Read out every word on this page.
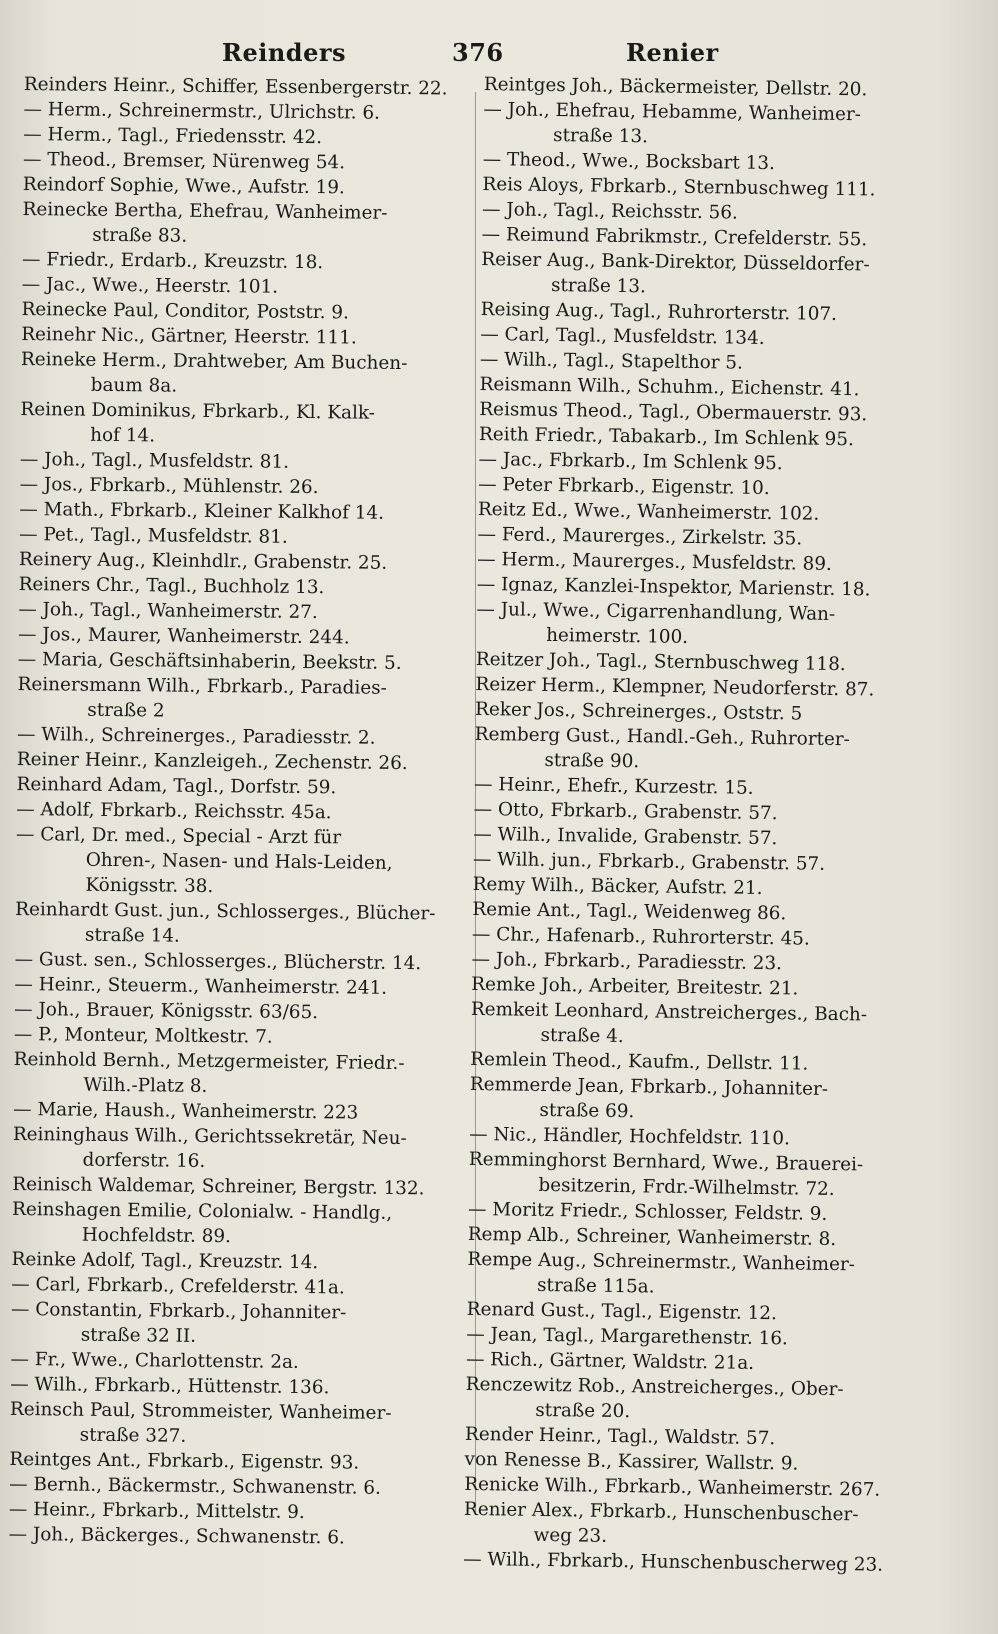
Reinders	376	Renier
Reinders Heinr., Schiffer, Essenbergerstr. 22.
— Herm., Schreinermstr., Ulrichstr. 6.
— Herm., Tagl., Friedensstr. 42.
— Theod., Bremser, Nürenweg 54.
Reindorf Sophie, Wwe., Aufstr. 19.
Reinecke Bertha, Ehefrau, Wanheimer-
straße 83.
— Friedr., Erdarb., Kreuzstr. 18.
— Jac., Wwe., Heerstr. 101.
Reinecke Paul, Conditor, Poststr. 9.
Reinehr Nic., Gärtner, Heerstr. 111.
Reineke Herm., Drahtweber, Am Buchen-
baum 8a.
Reinen Dominikus, Fbrkarb., Kl. Kalk-
hof 14.
— Joh., Tagl., Musfeldstr. 81.
— Jos., Fbrkarb., Mühlenstr. 26.
— Math., Fbrkarb., Kleiner Kalkhof 14.
— Pet., Tagl., Musfeldstr. 81.
Reinery Aug., Kleinhdlr., Grabenstr. 25.
Reiners Chr., Tagl., Buchholz 13.
— Joh., Tagl., Wanheimerstr. 27.
— Jos., Maurer, Wanheimerstr. 244.
— Maria, Geschäftsinhaberin, Beekstr. 5.
Reinersmann Wilh., Fbrkarb., Paradies-
straße 2
— Wilh., Schreinerges., Paradiesstr. 2.
Reiner Heinr., Kanzleigeh., Zechenstr. 26.
Reinhard Adam, Tagl., Dorfstr. 59.
— Adolf, Fbrkarb., Reichsstr. 45a.
— Carl, Dr. med., Special - Arzt für
Ohren-, Nasen- und Hals-Leiden,
Königsstr. 38.
Reinhardt Gust. jun., Schlosserges., Blücher-
straße 14.
— Gust. sen., Schlosserges., Blücherstr. 14.
— Heinr., Steuerm., Wanheimerstr. 241.
— Joh., Brauer, Königsstr. 63/65.
— P., Monteur, Moltkestr. 7.
Reinhold Bernh., Metzgermeister, Friedr.-
Wilh.-Platz 8.
— Marie, Haush., Wanheimerstr. 223
Reininghaus Wilh., Gerichtssekretär, Neu-
dorferstr. 16.
Reinisch Waldemar, Schreiner, Bergstr. 132.
Reinshagen Emilie, Colonialw. - Handlg.,
Hochfeldstr. 89.
Reinke Adolf, Tagl., Kreuzstr. 14.
— Carl, Fbrkarb., Crefelderstr. 41a.
— Constantin, Fbrkarb., Johanniter-
straße 32 II.
— Fr., Wwe., Charlottenstr. 2a.
— Wilh., Fbrkarb., Hüttenstr. 136.
Reinsch Paul, Strommeister, Wanheimer-
straße 327.
Reintges Ant., Fbrkarb., Eigenstr. 93.
— Bernh., Bäckermstr., Schwanenstr. 6.
— Heinr., Fbrkarb., Mittelstr. 9.
— Joh., Bäckerges., Schwanenstr. 6.
Reintges Joh., Bäckermeister, Dellstr. 20.
— Joh., Ehefrau, Hebamme, Wanheimer-
straße 13.
— Theod., Wwe., Bocksbart 13.
Reis Aloys, Fbrkarb., Sternbuschweg 111.
— Joh., Tagl., Reichsstr. 56.
— Reimund Fabrikmstr., Crefelderstr. 55.
Reiser Aug., Bank-Direktor, Düsseldorfer-
straße 13.
Reising Aug., Tagl., Ruhrorterstr. 107.
— Carl, Tagl., Musfeldstr. 134.
— Wilh., Tagl., Stapelthor 5.
Reismann Wilh., Schuhm., Eichenstr. 41.
Reismus Theod., Tagl., Obermauerstr. 93.
Reith Friedr., Tabakarb., Im Schlenk 95.
— Jac., Fbrkarb., Im Schlenk 95.
— Peter Fbrkarb., Eigenstr. 10.
Reitz Ed., Wwe., Wanheimerstr. 102.
— Ferd., Maurerges., Zirkelstr. 35.
— Herm., Maurerges., Musfeldstr. 89.
— Ignaz, Kanzlei-Inspektor, Marienstr. 18.
— Jul., Wwe., Cigarrenhandlung, Wan-
heimerstr. 100.
Reitzer Joh., Tagl., Sternbuschweg 118.
Reizer Herm., Klempner, Neudorferstr. 87.
Reker Jos., Schreinerges., Oststr. 5
Remberg Gust., Handl.-Geh., Ruhrorter-
straße 90.
— Heinr., Ehefr., Kurzestr. 15.
— Otto, Fbrkarb., Grabenstr. 57.
— Wilh., Invalide, Grabenstr. 57.
— Wilh. jun., Fbrkarb., Grabenstr. 57.
Remy Wilh., Bäcker, Aufstr. 21.
Remie Ant., Tagl., Weidenweg 86.
— Chr., Hafenarb., Ruhrorterstr. 45.
— Joh., Fbrkarb., Paradiesstr. 23.
Remke Joh., Arbeiter, Breitestr. 21.
Remkeit Leonhard, Anstreicherges., Bach-
straße 4.
Remlein Theod., Kaufm., Dellstr. 11.
Remmerde Jean, Fbrkarb., Johanniter-
straße 69.
— Nic., Händler, Hochfeldstr. 110.
Remminghorst Bernhard, Wwe., Brauerei-
besitzerin, Frdr.-Wilhelmstr. 72.
— Moritz Friedr., Schlosser, Feldstr. 9.
Remp Alb., Schreiner, Wanheimerstr. 8.
Rempe Aug., Schreinermstr., Wanheimer-
straße 115a.
Renard Gust., Tagl., Eigenstr. 12.
— Jean, Tagl., Margarethenstr. 16.
— Rich., Gärtner, Waldstr. 21a.
Renczewitz Rob., Anstreicherges., Ober-
straße 20.
Render Heinr., Tagl., Waldstr. 57.
von Renesse B., Kassirer, Wallstr. 9.
Renicke Wilh., Fbrkarb., Wanheimerstr. 267.
Renier Alex., Fbrkarb., Hunschenbuscher-
weg 23.
— Wilh., Fbrkarb., Hunschenbuscherweg 23.
